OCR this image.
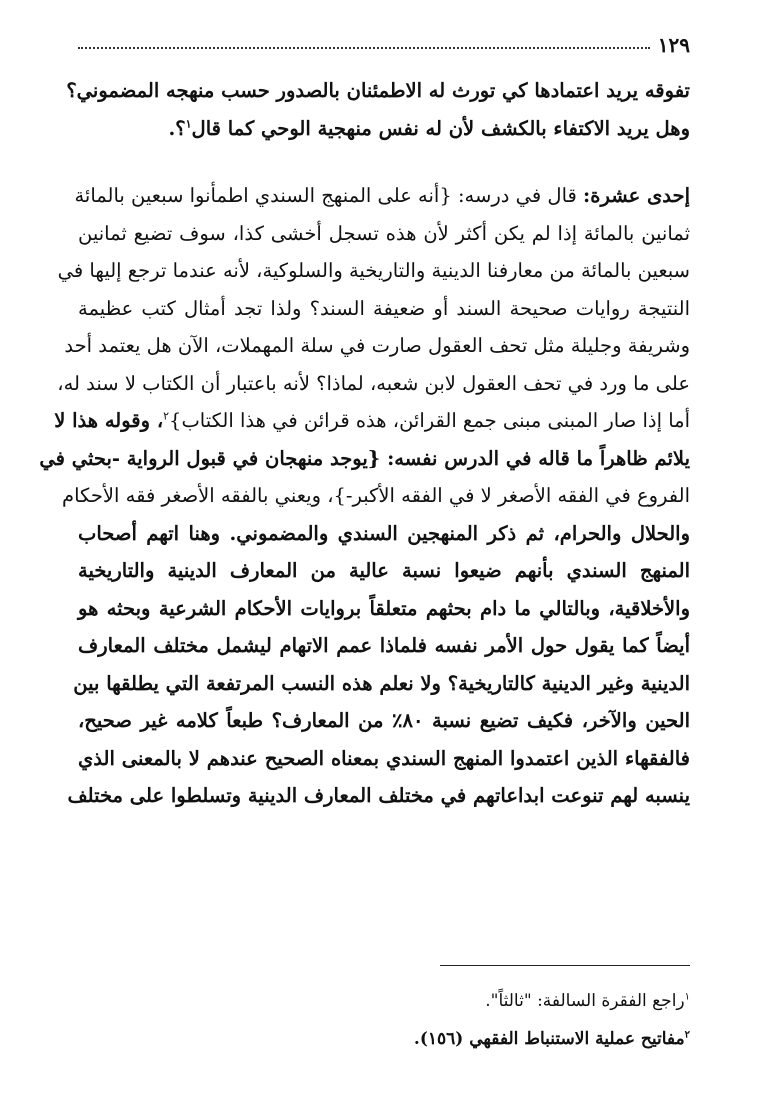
١٢٩

تفوقه يريد اعتمادها كي تورث له الاطمئنان بالصدور حسب منهجه المضموني؟
وهل يريد الاكتفاء بالكشف لأن له نفس منهجية الوحي كما قال$^١$؟.

إحدى عشرة: قال في درسه: {أنه على المنهج السندي اطمأنوا سبعين بالمائة
ثمانين بالمائة إذا لم يكن أكثر لأن هذه تسجل أخشى كذا، سوف تضيع ثمانين
سبعين بالمائة من معارفنا الدينية والتاريخية والسلوكية، لأنه عندما ترجع إليها في
النتيجة روايات صحيحة السند أو ضعيفة السند؟ ولذا تجد أمثال كتب عظيمة
وشريفة وجليلة مثل تحف العقول صارت في سلة المهملات، الآن هل يعتمد أحد
على ما ورد في تحف العقول لابن شعبه، لماذا؟ لأنه باعتبار أن الكتاب لا سند له،
أما إذا صار المبنى مبنى جمع القرائن، هذه قرائن في هذا الكتاب}$^٢$، وقوله هذا لا
يلائم ظاهراً ما قاله في الدرس نفسه: {يوجد منهجان في قبول الرواية -بحثي في
الفروع في الفقه الأصغر لا في الفقه الأكبر-}، ويعني بالفقه الأصغر فقه الأحكام
والحلال والحرام، ثم ذكر المنهجين السندي والمضموني. وهنا اتهم أصحاب
المنهج السندي بأنهم ضيعوا نسبة عالية من المعارف الدينية والتاريخية
والأخلاقية، وبالتالي ما دام بحثهم متعلقاً بروايات الأحكام الشرعية وبحثه هو
أيضاً كما يقول حول الأمر نفسه فلماذا عمم الاتهام ليشمل مختلف المعارف
الدينية وغير الدينية كالتاريخية؟ ولا نعلم هذه النسب المرتفعة التي يطلقها بين
الحين والآخر، فكيف تضيع نسبة ٨٠٪ من المعارف؟ طبعاً كلامه غير صحيح،
فالفقهاء الذين اعتمدوا المنهج السندي بمعناه الصحيح عندهم لا بالمعنى الذي
ينسبه لهم تنوعت ابداعاتهم في مختلف المعارف الدينية وتسلطوا على مختلف

$^١$راجع الفقرة السالفة: "ثالثاً".
$^٢$مفاتيح عملية الاستنباط الفقهي (١٥٦).
